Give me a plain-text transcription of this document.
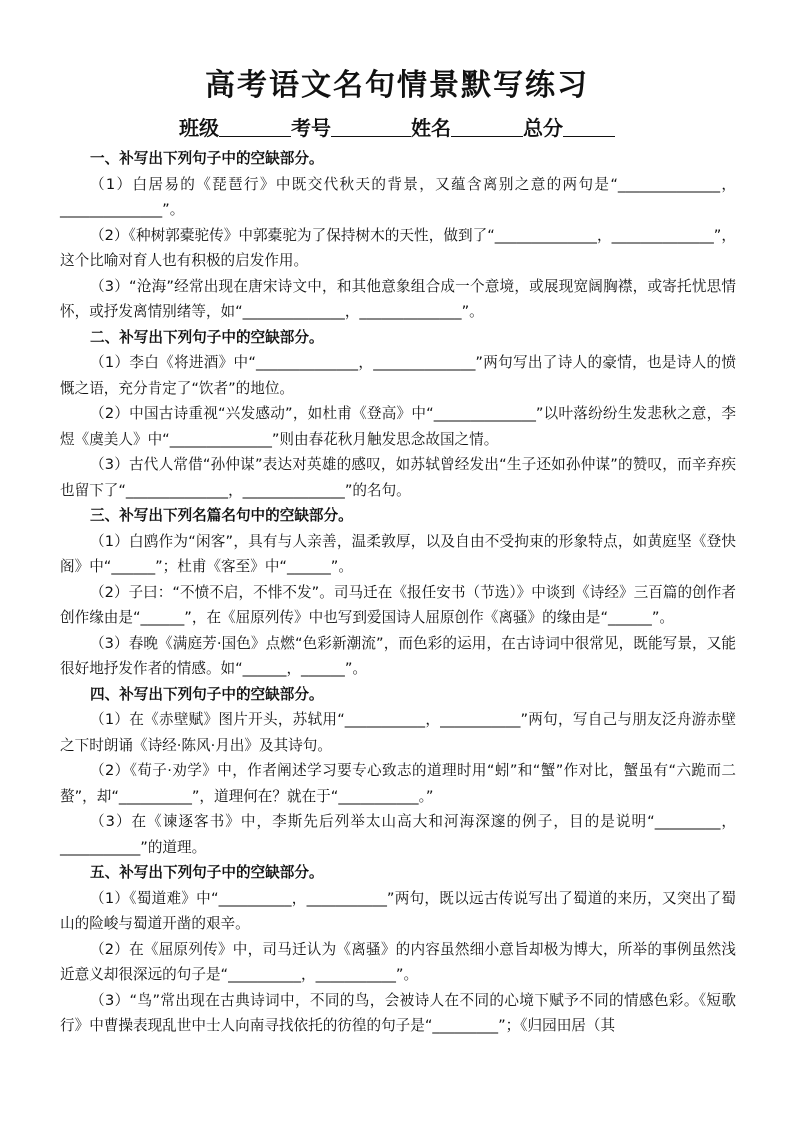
高考语文名句情景默写练习
班级	考号	姓名	总分

一、补写出下列句子中的空缺部分。

（1）白居易的《琵琶行》中既交代秋天的背景，又蕴含离别之意的两句是“______________，______________”。

（2）《种树郭橐驼传》中郭橐驼为了保持树木的天性，做到了“______________，______________”，这个比喻对育人也有积极的启发作用。

（3）“沧海”经常出现在唐宋诗文中，和其他意象组合成一个意境，或展现宽阔胸襟，或寄托忧思情怀，或抒发离情别绪等，如“______________，______________”。

二、补写出下列句子中的空缺部分。

（1）李白《将进酒》中“______________，______________”两句写出了诗人的豪情，也是诗人的愤慨之语，充分肯定了“饮者”的地位。

（2）中国古诗重视“兴发感动”，如杜甫《登高》中“______________”以叶落纷纷生发悲秋之意，李煜《虞美人》中“______________”则由春花秋月触发思念故国之情。

（3）古代人常借“孙仲谋”表达对英雄的感叹，如苏轼曾经发出“生子还如孙仲谋”的赞叹，而辛弃疾也留下了“______________，______________”的名句。

三、补写出下列名篇名句中的空缺部分。

（1）白鸥作为“闲客”，具有与人亲善，温柔敦厚，以及自由不受拘束的形象特点，如黄庭坚《登快阁》中“______”；杜甫《客至》中“______”。

（2）子曰：“不愤不启，不悱不发”。司马迁在《报任安书（节选）》中谈到《诗经》三百篇的创作者创作缘由是“______”，在《屈原列传》中也写到爱国诗人屈原创作《离骚》的缘由是“______”。

（3）春晚《满庭芳·国色》点燃“色彩新潮流”，而色彩的运用，在古诗词中很常见，既能写景，又能很好地抒发作者的情感。如“______，______”。

四、补写出下列句子中的空缺部分。

（1）在《赤壁赋》图片开头，苏轼用“___________，___________”两句，写自己与朋友泛舟游赤壁之下时朗诵《诗经·陈风·月出》及其诗句。

（2）《荀子·劝学》中，作者阐述学习要专心致志的道理时用“蚓”和“蟹”作对比，蟹虽有“六跪而二螯”，却“__________”，道理何在？就在于“___________。”

（3）在《谏逐客书》中，李斯先后列举太山高大和河海深邃的例子，目的是说明“_________，___________”的道理。

五、补写出下列句子中的空缺部分。

（1）《蜀道难》中“__________，___________”两句，既以远古传说写出了蜀道的来历，又突出了蜀山的险峻与蜀道开凿的艰辛。

（2）在《屈原列传》中，司马迁认为《离骚》的内容虽然细小意旨却极为博大，所举的事例虽然浅近意义却很深远的句子是“__________，___________”。

（3）“鸟”常出现在古典诗词中，不同的鸟，会被诗人在不同的心境下赋予不同的情感色彩。《短歌行》中曹操表现乱世中士人向南寻找依托的彷徨的句子是“_________”；《归园田居（其
